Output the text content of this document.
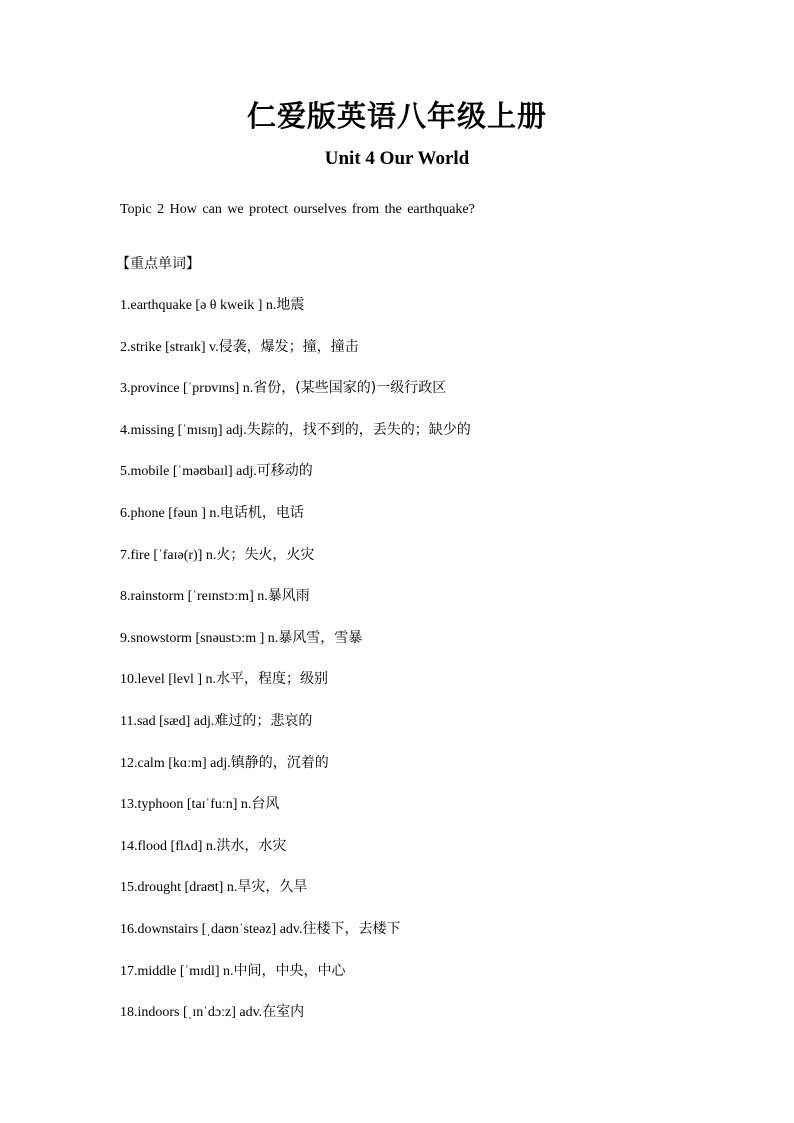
仁爱版英语八年级上册
Unit 4 Our World
Topic 2 How can we protect ourselves from the earthquake?
【重点单词】
1.earthquake [ə θ kweik ] n.地震
2.strike [straɪk] v.侵袭，爆发；撞，撞击
3.province [ˈprɒvɪns] n.省份，(某些国家的)一级行政区
4.missing [ˈmɪsɪŋ] adj.失踪的，找不到的，丢失的；缺少的
5.mobile [ˈməʊbaɪl] adj.可移动的
6.phone [fəun ] n.电话机，电话
7.fire [ˈfaɪə(r)] n.火；失火，火灾
8.rainstorm [ˈreɪnstɔːm] n.暴风雨
9.snowstorm [snəustɔ:m ] n.暴风雪，雪暴
10.level [levl ] n.水平，程度；级别
11.sad [sæd] adj.难过的；悲哀的
12.calm [kɑːm] adj.镇静的，沉着的
13.typhoon [taɪˈfuːn] n.台风
14.flood [flʌd] n.洪水，水灾
15.drought [draʊt] n.旱灾，久旱
16.downstairs [ˌdaʊnˈsteəz] adv.往楼下，去楼下
17.middle [ˈmɪdl] n.中间，中央，中心
18.indoors [ˌɪnˈdɔːz] adv.在室内
